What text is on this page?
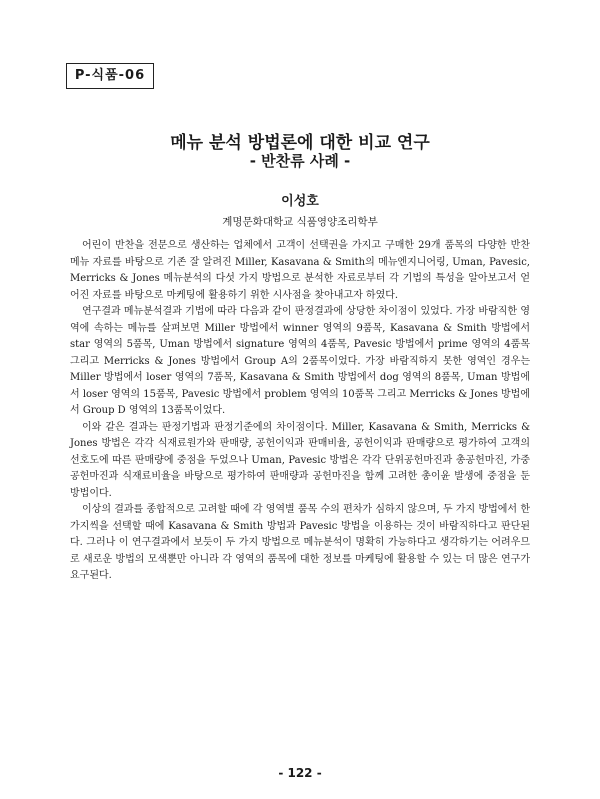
P-식품-06
메뉴 분석 방법론에 대한 비교 연구
- 반찬류 사례 -
이성호
계명문화대학교 식품영양조리학부

어린이 반찬을 전문으로 생산하는 업체에서 고객이 선택권을 가지고 구매한 29개 품목의 다양한 반찬 메뉴 자료를 바탕으로 기존 잘 알려진 Miller, Kasavana & Smith의 메뉴엔지니어링, Uman, Pavesic, Merricks & Jones 메뉴분석의 다섯 가지 방법으로 분석한 자료로부터 각 기법의 특성을 알아보고서 얻어진 자료를 바탕으로 마케팅에 활용하기 위한 시사점을 찾아내고자 하였다.

연구결과 메뉴분석결과 기법에 따라 다음과 같이 판정결과에 상당한 차이점이 있었다. 가장 바람직한 영역에 속하는 메뉴를 살펴보면 Miller 방법에서 winner 영역의 9품목, Kasavana & Smith 방법에서 star 영역의 5품목, Uman 방법에서 signature 영역의 4품목, Pavesic 방법에서 prime 영역의 4품목 그리고 Merricks & Jones 방법에서 Group A의 2품목이었다. 가장 바람직하지 못한 영역인 경우는 Miller 방법에서 loser 영역의 7품목, Kasavana & Smith 방법에서 dog 영역의 8품목, Uman 방법에서 loser 영역의 15품목, Pavesic 방법에서 problem 영역의 10품목 그리고 Merricks & Jones 방법에서 Group D 영역의 13품목이었다.

이와 같은 결과는 판정기법과 판정기준에의 차이점이다. Miller, Kasavana & Smith, Merricks & Jones 방법은 각각 식재료원가와 판매량, 공헌이익과 판매비율, 공헌이익과 판매량으로 평가하여 고객의 선호도에 따른 판매량에 중점을 두었으나 Uman, Pavesic 방법은 각각 단위공헌마진과 총공헌마진, 가중공헌마진과 식재료비율을 바탕으로 평가하여 판매량과 공헌마진을 함께 고려한 총이윤 발생에 중점을 둔 방법이다.

이상의 결과를 종합적으로 고려할 때에 각 영역별 품목 수의 편차가 심하지 않으며, 두 가지 방법에서 한 가지씩을 선택할 때에 Kasavana & Smith 방법과 Pavesic 방법을 이용하는 것이 바람직하다고 판단된다. 그러나 이 연구결과에서 보듯이 두 가지 방법으로 메뉴분석이 명확히 가능하다고 생각하기는 어려우므로 새로운 방법의 모색뿐만 아니라 각 영역의 품목에 대한 정보를 마케팅에 활용할 수 있는 더 많은 연구가 요구된다.

- 122 -
